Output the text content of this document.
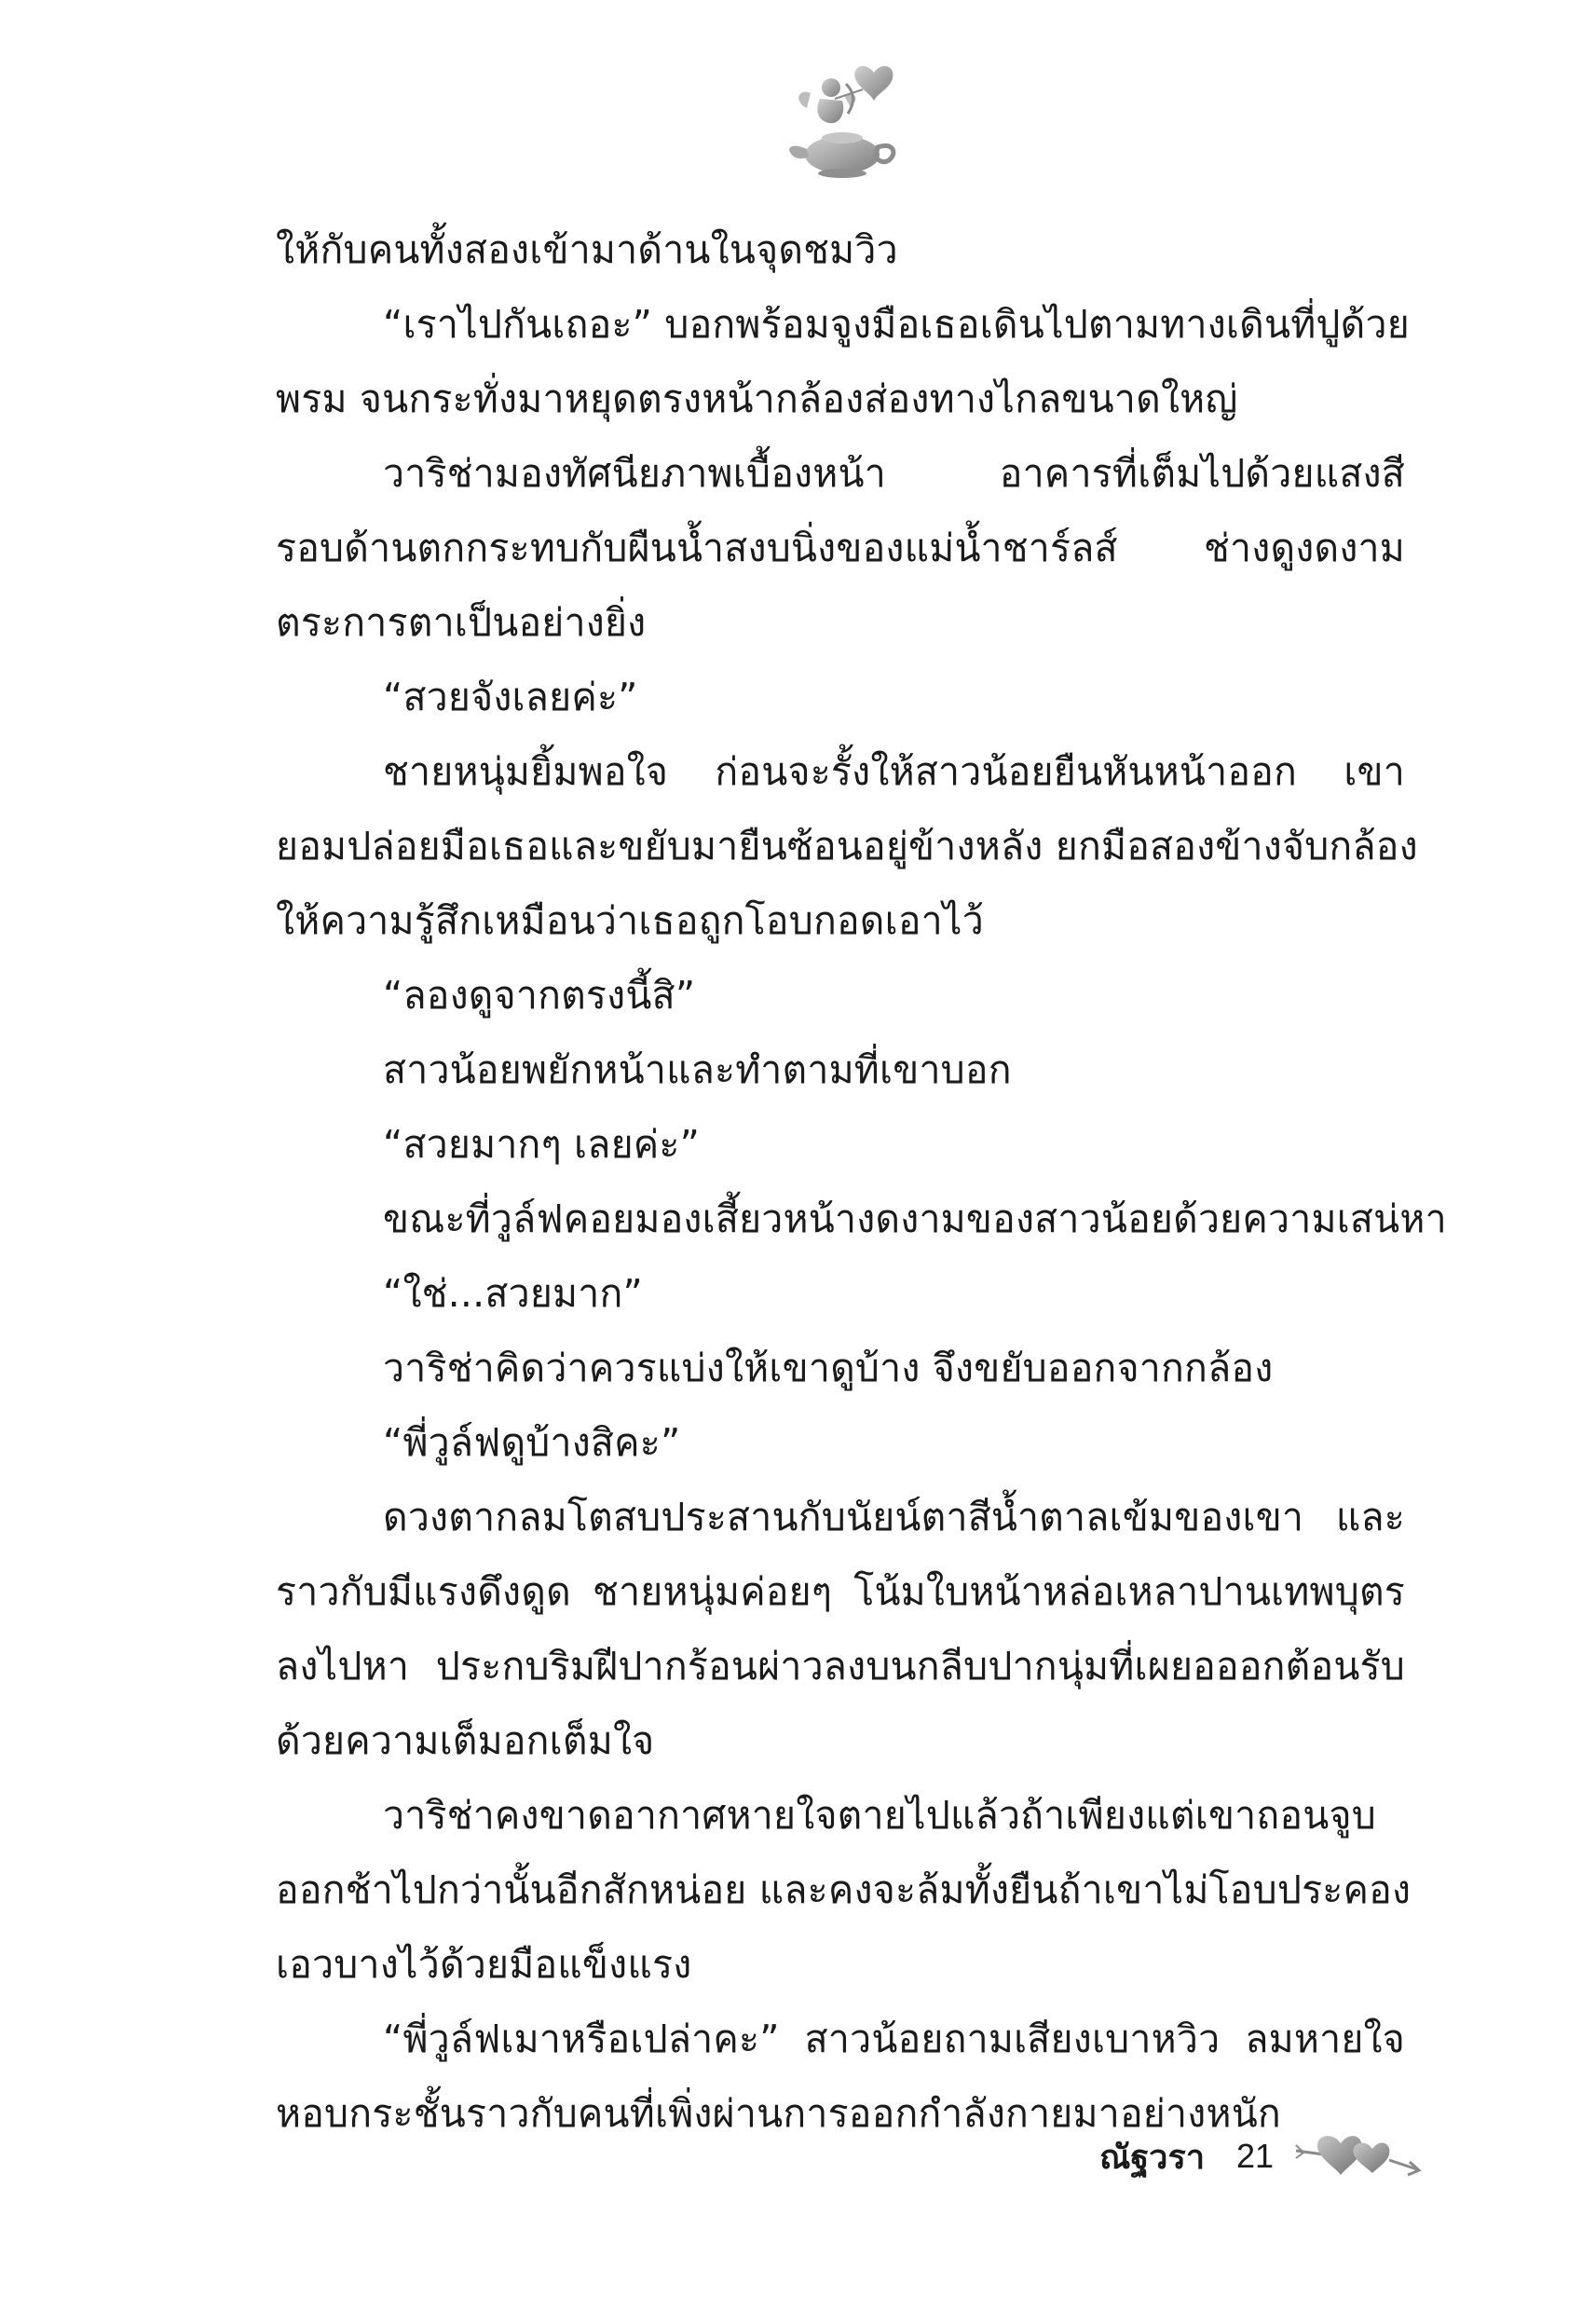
ให้กับคนทั้งสองเข้ามาด้านในจุดชมวิว
“เราไปกันเถอะ” บอกพร้อมจูงมือเธอเดินไปตามทางเดินที่ปูด้วย
พรม จนกระทั่งมาหยุดตรงหน้ากล้องส่องทางไกลขนาดใหญ่
วาริช่ามองทัศนียภาพเบื้องหน้า อาคารที่เต็มไปด้วยแสงสี
รอบด้านตกกระทบกับผืนน้ำสงบนิ่งของแม่น้ำชาร์ลส์ ช่างดูงดงาม
ตระการตาเป็นอย่างยิ่ง
“สวยจังเลยค่ะ”
ชายหนุ่มยิ้มพอใจ ก่อนจะรั้งให้สาวน้อยยืนหันหน้าออก เขา
ยอมปล่อยมือเธอและขยับมายืนซ้อนอยู่ข้างหลัง ยกมือสองข้างจับกล้อง
ให้ความรู้สึกเหมือนว่าเธอถูกโอบกอดเอาไว้
“ลองดูจากตรงนี้สิ”
สาวน้อยพยักหน้าและทำตามที่เขาบอก
“สวยมากๆ เลยค่ะ”
ขณะที่วูล์ฟคอยมองเสี้ยวหน้างดงามของสาวน้อยด้วยความเสน่หา
“ใช่...สวยมาก”
วาริช่าคิดว่าควรแบ่งให้เขาดูบ้าง จึงขยับออกจากกล้อง
“พี่วูล์ฟดูบ้างสิคะ”
ดวงตากลมโตสบประสานกับนัยน์ตาสีน้ำตาลเข้มของเขา และ
ราวกับมีแรงดึงดูด ชายหนุ่มค่อยๆ โน้มใบหน้าหล่อเหลาปานเทพบุตร
ลงไปหา ประกบริมฝีปากร้อนผ่าวลงบนกลีบปากนุ่มที่เผยอออกต้อนรับ
ด้วยความเต็มอกเต็มใจ
วาริช่าคงขาดอากาศหายใจตายไปแล้วถ้าเพียงแต่เขาถอนจูบ
ออกช้าไปกว่านั้นอีกสักหน่อย และคงจะล้มทั้งยืนถ้าเขาไม่โอบประคอง
เอวบางไว้ด้วยมือแข็งแรง
“พี่วูล์ฟเมาหรือเปล่าคะ” สาวน้อยถามเสียงเบาหวิว ลมหายใจ
หอบกระชั้นราวกับคนที่เพิ่งผ่านการออกกำลังกายมาอย่างหนัก
ณัฐวรา 21
